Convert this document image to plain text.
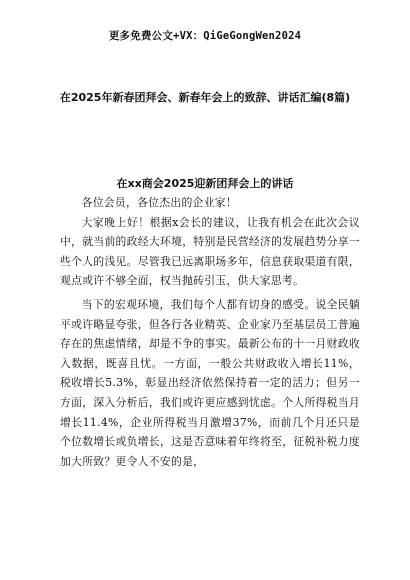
更多免费公文+VX：QiGeGongWen2024
在2025年新春团拜会、新春年会上的致辞、讲话汇编(8篇)
在xx商会2025迎新团拜会上的讲话

各位会员，各位杰出的企业家！

大家晚上好！根据x会长的建议，让我有机会在此次会议中，就当前的政经大环境，特别是民营经济的发展趋势分享一些个人的浅见。尽管我已远离职场多年，信息获取渠道有限，观点或许不够全面，权当抛砖引玉，供大家思考。

当下的宏观环境，我们每个人都有切身的感受。说全民躺平或许略显夸张，但各行各业精英、企业家乃至基层员工普遍存在的焦虑情绪，却是不争的事实。最新公布的十一月财政收入数据，既喜且忧。一方面，一般公共财政收入增长11%，税收增长5.3%，彰显出经济依然保持着一定的活力；但另一方面，深入分析后，我们或许更应感到忧虑。个人所得税当月增长11.4%，企业所得税当月激增37%，而前几个月还只是个位数增长或负增长，这是否意味着年终将至，征税补税力度加大所致？更令人不安的是，
